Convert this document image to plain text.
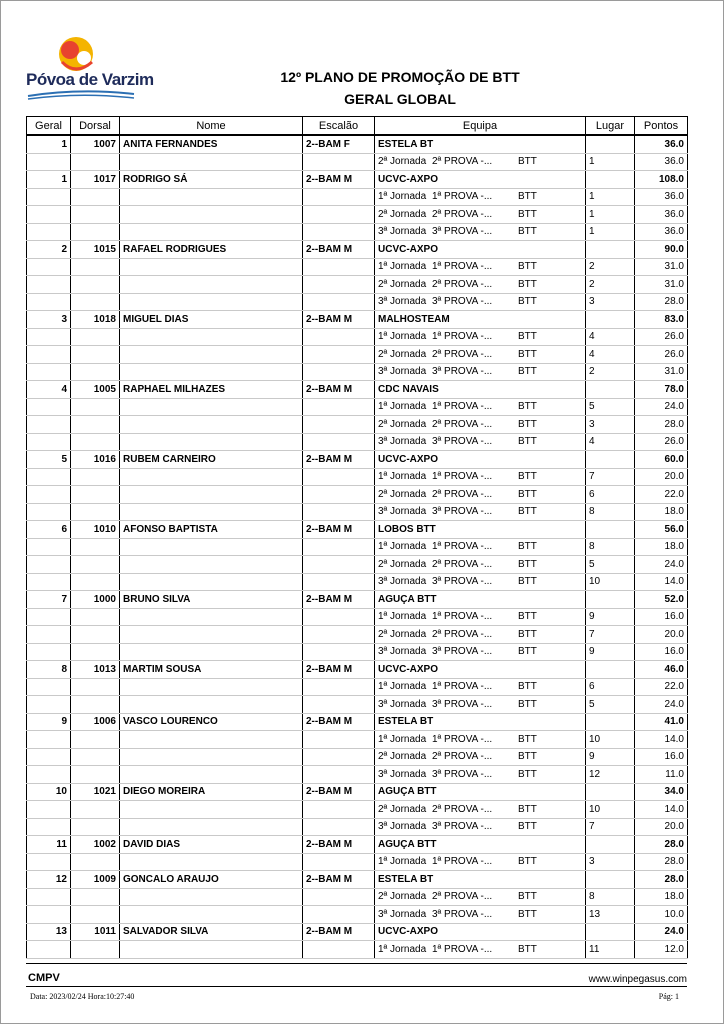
Póvoa de Varzim	12º PLANO DE PROMOÇÃO DE BTT
GERAL GLOBAL
Geral	Dorsal	Nome	Escalão	Equipa	Lugar	Pontos
1	1007	ANITA FERNANDES	2--BAM F	ESTELA BT		36.0
				2ª Jornada 2ª PROVA -... BTT	1	36.0
1	1017	RODRIGO SÁ	2--BAM M	UCVC-AXPO		108.0
				1ª Jornada 1ª PROVA -... BTT	1	36.0
				2ª Jornada 2ª PROVA -... BTT	1	36.0
				3ª Jornada 3ª PROVA -... BTT	1	36.0
2	1015	RAFAEL RODRIGUES	2--BAM M	UCVC-AXPO		90.0
				1ª Jornada 1ª PROVA -... BTT	2	31.0
				2ª Jornada 2ª PROVA -... BTT	2	31.0
				3ª Jornada 3ª PROVA -... BTT	3	28.0
3	1018	MIGUEL DIAS	2--BAM M	MALHOSTEAM		83.0
				1ª Jornada 1ª PROVA -... BTT	4	26.0
				2ª Jornada 2ª PROVA -... BTT	4	26.0
				3ª Jornada 3ª PROVA -... BTT	2	31.0
4	1005	RAPHAEL MILHAZES	2--BAM M	CDC NAVAIS		78.0
				1ª Jornada 1ª PROVA -... BTT	5	24.0
				2ª Jornada 2ª PROVA -... BTT	3	28.0
				3ª Jornada 3ª PROVA -... BTT	4	26.0
5	1016	RUBEM CARNEIRO	2--BAM M	UCVC-AXPO		60.0
				1ª Jornada 1ª PROVA -... BTT	7	20.0
				2ª Jornada 2ª PROVA -... BTT	6	22.0
				3ª Jornada 3ª PROVA -... BTT	8	18.0
6	1010	AFONSO BAPTISTA	2--BAM M	LOBOS BTT		56.0
				1ª Jornada 1ª PROVA -... BTT	8	18.0
				2ª Jornada 2ª PROVA -... BTT	5	24.0
				3ª Jornada 3ª PROVA -... BTT	10	14.0
7	1000	BRUNO SILVA	2--BAM M	AGUÇA BTT		52.0
				1ª Jornada 1ª PROVA -... BTT	9	16.0
				2ª Jornada 2ª PROVA -... BTT	7	20.0
				3ª Jornada 3ª PROVA -... BTT	9	16.0
8	1013	MARTIM SOUSA	2--BAM M	UCVC-AXPO		46.0
				1ª Jornada 1ª PROVA -... BTT	6	22.0
				3ª Jornada 3ª PROVA -... BTT	5	24.0
9	1006	VASCO LOURENCO	2--BAM M	ESTELA BT		41.0
				1ª Jornada 1ª PROVA -... BTT	10	14.0
				2ª Jornada 2ª PROVA -... BTT	9	16.0
				3ª Jornada 3ª PROVA -... BTT	12	11.0
10	1021	DIEGO MOREIRA	2--BAM M	AGUÇA BTT		34.0
				2ª Jornada 2ª PROVA -... BTT	10	14.0
				3ª Jornada 3ª PROVA -... BTT	7	20.0
11	1002	DAVID DIAS	2--BAM M	AGUÇA BTT		28.0
				1ª Jornada 1ª PROVA -... BTT	3	28.0
12	1009	GONCALO ARAUJO	2--BAM M	ESTELA BT		28.0
				2ª Jornada 2ª PROVA -... BTT	8	18.0
				3ª Jornada 3ª PROVA -... BTT	13	10.0
13	1011	SALVADOR SILVA	2--BAM M	UCVC-AXPO		24.0
				1ª Jornada 1ª PROVA -... BTT	11	12.0
CMPV	www.winpegasus.com
Data: 2023/02/24 Hora:10:27:40	Pág: 1
